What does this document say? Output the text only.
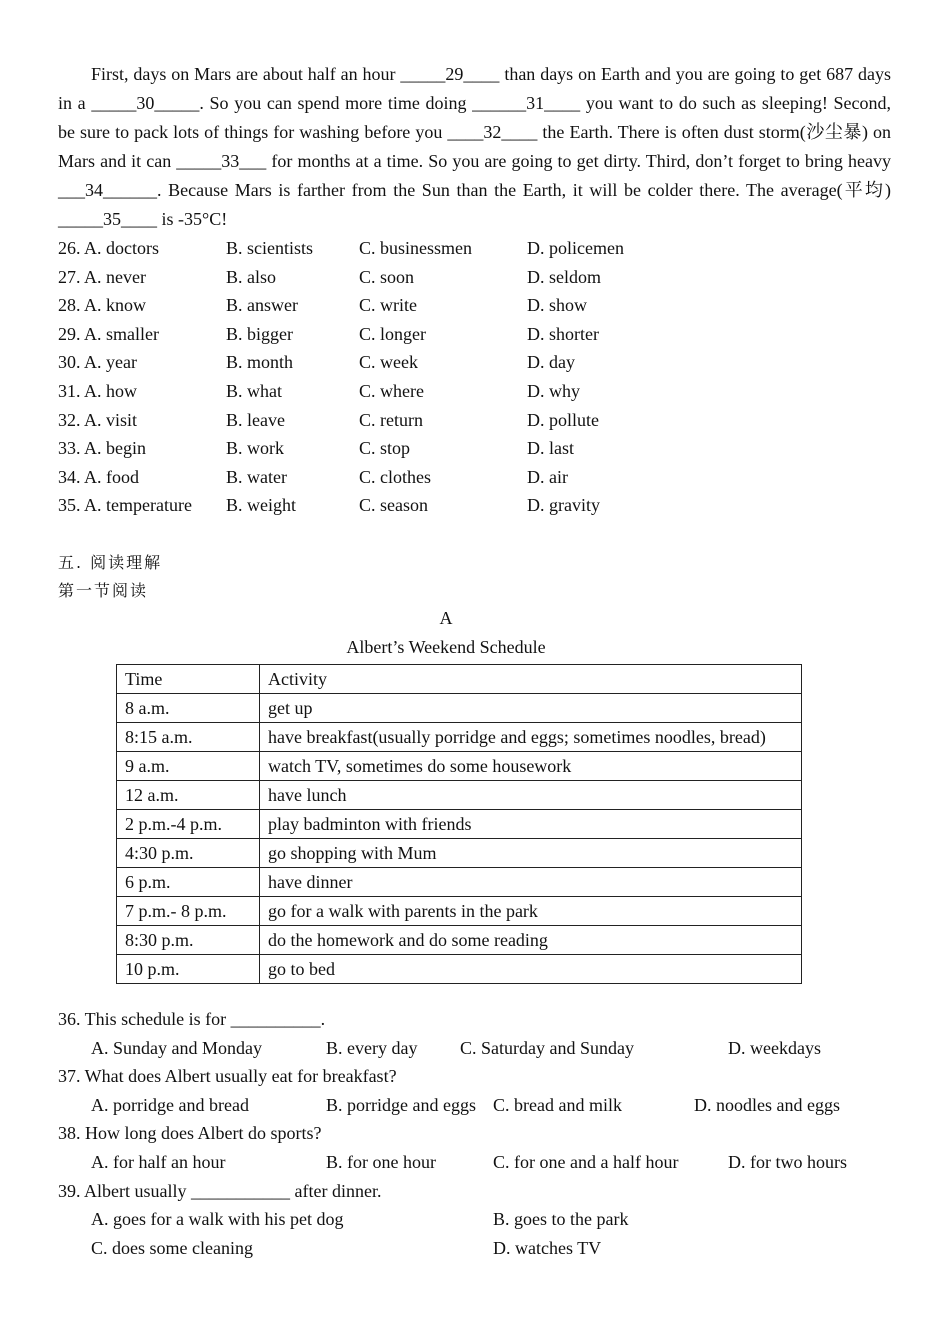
First, days on Mars are about half an hour _____29____ than days on Earth and you are going to get 687 days in a _____30_____. So you can spend more time doing ______31____ you want to do such as sleeping! Second, be sure to pack lots of things for washing before you ____32____ the Earth. There is often dust storm(沙尘暴) on Mars and it can _____33___ for months at a time. So you are going to get dirty. Third, don’t forget to bring heavy ___34______. Because Mars is farther from the Sun than the Earth, it will be colder there. The average(平均) _____35____ is -35°C!

26. A. doctors	B. scientists	C. businessmen	D. policemen
27. A. never	B. also	C. soon	D. seldom
28. A. know	B. answer	C. write	D. show
29. A. smaller	B. bigger	C. longer	D. shorter
30. A. year	B. month	C. week	D. day
31. A. how	B. what	C. where	D. why
32. A. visit	B. leave	C. return	D. pollute
33. A. begin	B. work	C. stop	D. last
34. A. food	B. water	C. clothes	D. air
35. A. temperature B. weight	C. season	D. gravity
五. 阅读理解
第一节阅读
A
Albert’s Weekend Schedule
Time	Activity
8 a.m.	get up
8:15 a.m.	have breakfast(usually porridge and eggs; sometimes noodles, bread)
9 a.m.	watch TV, sometimes do some housework
12 a.m.	have lunch
2 p.m.-4 p.m.	play badminton with friends
4:30 p.m.	go shopping with Mum
6 p.m.	have dinner
7 p.m.- 8 p.m.	go for a walk with parents in the park
8:30 p.m.	do the homework and do some reading
10 p.m.	go to bed
36. This schedule is for __________.
A. Sunday and Monday	B. every day C. Saturday and Sunday	D. weekdays
37. What does Albert usually eat for breakfast?
A. porridge and bread	B. porridge and eggs C. bread and milk	D. noodles and eggs
38. How long does Albert do sports?
A. for half an hour	B. for one hour	C. for one and a half hour	D. for two hours
39. Albert usually ___________ after dinner.
A. goes for a walk with his pet dog	B. goes to the park
C. does some cleaning	D. watches TV
